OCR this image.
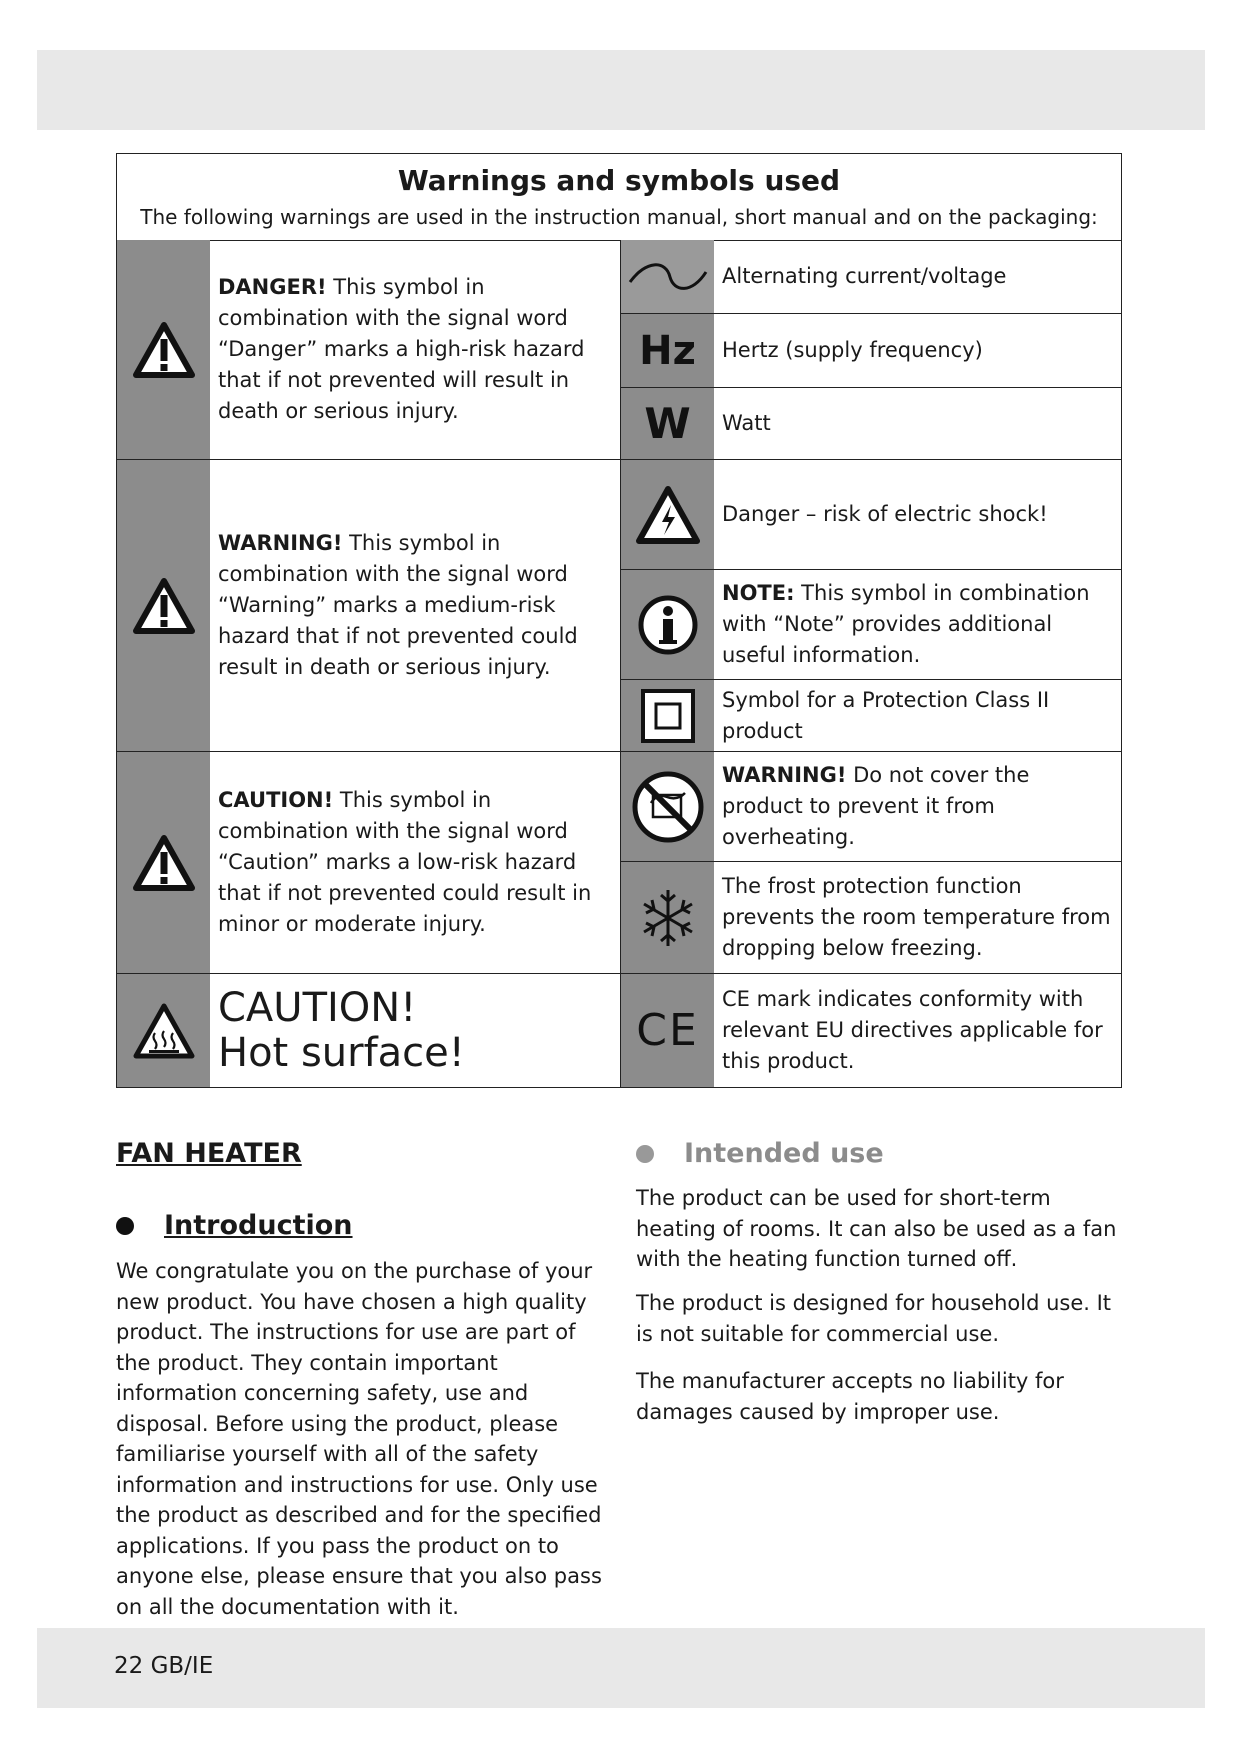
Warnings and symbols used
The following warnings are used in the instruction manual, short manual and on the packaging:
DANGER! This symbol in combination with the signal word “Danger” marks a high-risk hazard that if not prevented will result in death or serious injury.
WARNING! This symbol in combination with the signal word “Warning” marks a medium-risk hazard that if not prevented could result in death or serious injury.
CAUTION! This symbol in combination with the signal word “Caution” marks a low-risk hazard that if not prevented could result in minor or moderate injury.
CAUTION!
Hot surface!
Alternating current/voltage
Hz Hertz (supply frequency)
W Watt
Danger – risk of electric shock!
NOTE: This symbol in combination with “Note” provides additional useful information.
Symbol for a Protection Class II product
WARNING! Do not cover the product to prevent it from overheating.
The frost protection function prevents the room temperature from dropping below freezing.
CE
CE mark indicates conformity with relevant EU directives applicable for this product.
FAN HEATER
Introduction
We congratulate you on the purchase of your new product. You have chosen a high quality product. The instructions for use are part of the product. They contain important information concerning safety, use and disposal. Before using the product, please familiarise yourself with all of the safety information and instructions for use. Only use the product as described and for the specified applications. If you pass the product on to anyone else, please ensure that you also pass on all the documentation with it.
Intended use
The product can be used for short-term heating of rooms. It can also be used as a fan with the heating function turned off.
The product is designed for household use. It is not suitable for commercial use.
The manufacturer accepts no liability for damages caused by improper use.
22 GB/IE
